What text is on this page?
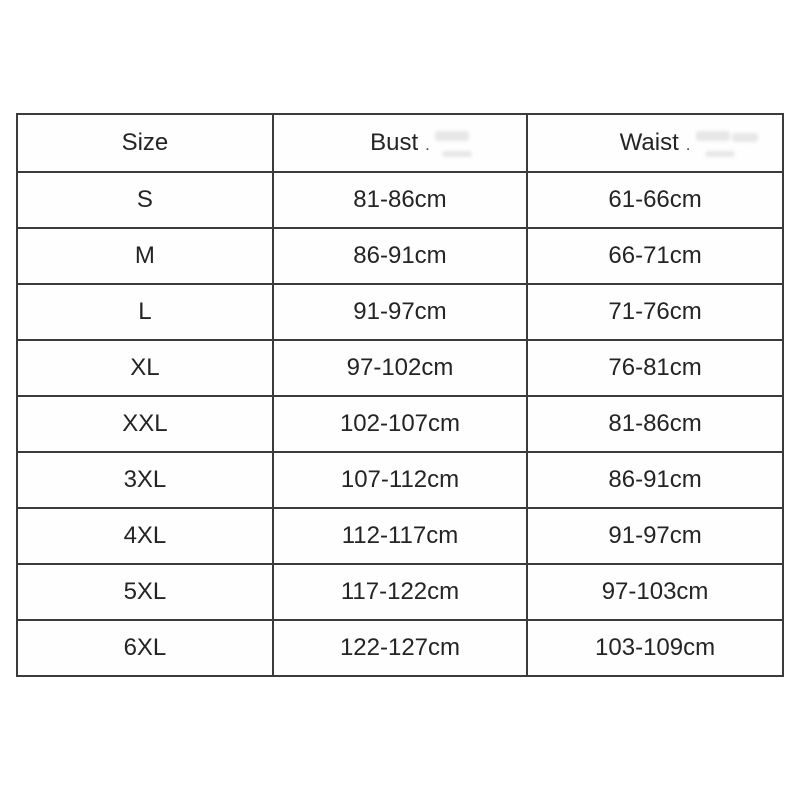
Size	Bust .	Waist .

S	81-86cm	61-66cm
M	86-91cm	66-71cm
L	91-97cm	71-76cm
XL	97-102cm	76-81cm
XXL	102-107cm	81-86cm
3XL	107-112cm	86-91cm
4XL	112-117cm	91-97cm
5XL	117-122cm	97-103cm
6XL	122-127cm	103-109cm
